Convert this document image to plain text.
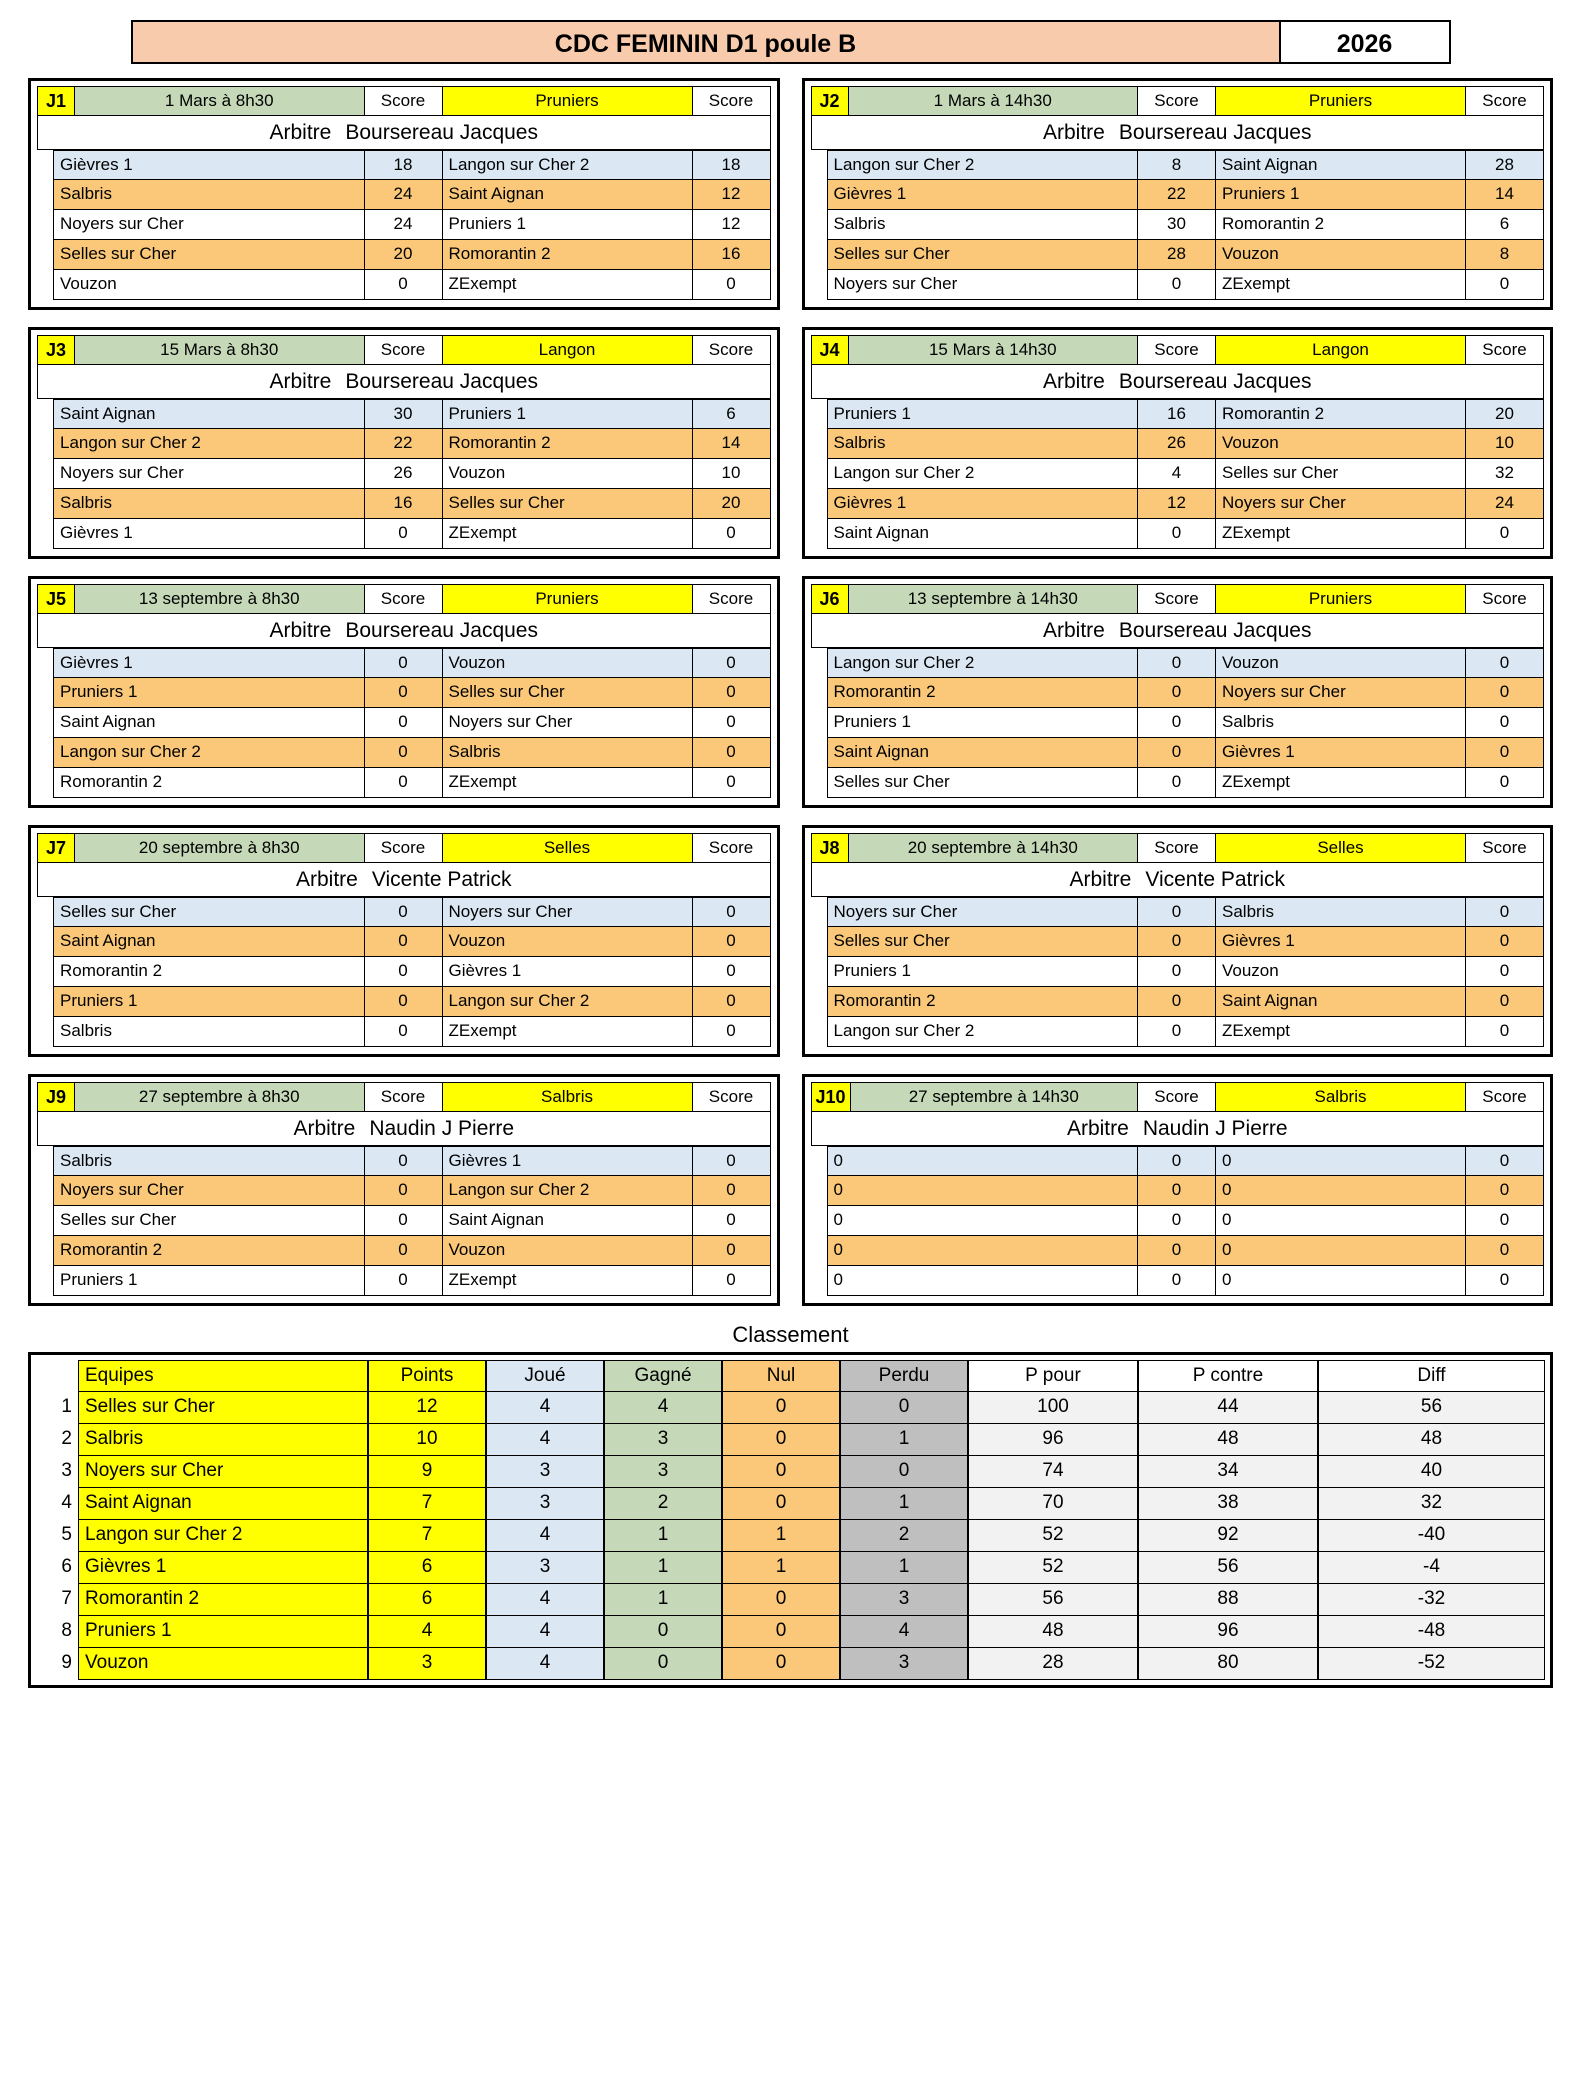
CDC FEMININ D1 poule B	2026
J1	1 Mars à 8h30	Score	Pruniers	Score
Arbitre Boursereau Jacques
Gièvres 1	18	Langon sur Cher 2	18
Salbris	24	Saint Aignan	12
Noyers sur Cher	24	Pruniers 1	12
Selles sur Cher	20	Romorantin 2	16
Vouzon	0	ZExempt	0
J2	1 Mars à 14h30	Score	Pruniers	Score
Arbitre Boursereau Jacques
Langon sur Cher 2	8	Saint Aignan	28
Gièvres 1	22	Pruniers 1	14
Salbris	30	Romorantin 2	6
Selles sur Cher	28	Vouzon	8
Noyers sur Cher	0	ZExempt	0
J3	15 Mars à 8h30	Score	Langon	Score
Arbitre Boursereau Jacques
Saint Aignan	30	Pruniers 1	6
Langon sur Cher 2	22	Romorantin 2	14
Noyers sur Cher	26	Vouzon	10
Salbris	16	Selles sur Cher	20
Gièvres 1	0	ZExempt	0
J4	15 Mars à 14h30	Score	Langon	Score
Arbitre Boursereau Jacques
Pruniers 1	16	Romorantin 2	20
Salbris	26	Vouzon	10
Langon sur Cher 2	4	Selles sur Cher	32
Gièvres 1	12	Noyers sur Cher	24
Saint Aignan	0	ZExempt	0
J5	13 septembre à 8h30	Score	Pruniers	Score
Arbitre Boursereau Jacques
Gièvres 1	0	Vouzon	0
Pruniers 1	0	Selles sur Cher	0
Saint Aignan	0	Noyers sur Cher	0
Langon sur Cher 2	0	Salbris	0
Romorantin 2	0	ZExempt	0
J6	13 septembre à 14h30	Score	Pruniers	Score
Arbitre Boursereau Jacques
Langon sur Cher 2	0	Vouzon	0
Romorantin 2	0	Noyers sur Cher	0
Pruniers 1	0	Salbris	0
Saint Aignan	0	Gièvres 1	0
Selles sur Cher	0	ZExempt	0
J7	20 septembre à 8h30	Score	Selles	Score
Arbitre Vicente Patrick
Selles sur Cher	0	Noyers sur Cher	0
Saint Aignan	0	Vouzon	0
Romorantin 2	0	Gièvres 1	0
Pruniers 1	0	Langon sur Cher 2	0
Salbris	0	ZExempt	0
J8	20 septembre à 14h30	Score	Selles	Score
Arbitre Vicente Patrick
Noyers sur Cher	0	Salbris	0
Selles sur Cher	0	Gièvres 1	0
Pruniers 1	0	Vouzon	0
Romorantin 2	0	Saint Aignan	0
Langon sur Cher 2	0	ZExempt	0
J9	27 septembre à 8h30	Score	Salbris	Score
Arbitre Naudin J Pierre
Salbris	0	Gièvres 1	0
Noyers sur Cher	0	Langon sur Cher 2	0
Selles sur Cher	0	Saint Aignan	0
Romorantin 2	0	Vouzon	0
Pruniers 1	0	ZExempt	0
J10	27 septembre à 14h30	Score	Salbris	Score
Arbitre Naudin J Pierre
0	0	0	0
0	0	0	0
0	0	0	0
0	0	0	0
0	0	0	0
Classement
Equipes	Points	Joué	Gagné	Nul	Perdu	P pour	P contre	Diff
1 Selles sur Cher	12	4	4	0	0	100	44	56
2 Salbris	10	4	3	0	1	96	48	48
3 Noyers sur Cher	9	3	3	0	0	74	34	40
4 Saint Aignan	7	3	2	0	1	70	38	32
5 Langon sur Cher 2	7	4	1	1	2	52	92	-40
6 Gièvres 1	6	3	1	1	1	52	56	-4
7 Romorantin 2	6	4	1	0	3	56	88	-32
8 Pruniers 1	4	4	0	0	4	48	96	-48
9 Vouzon	3	4	0	0	3	28	80	-52
